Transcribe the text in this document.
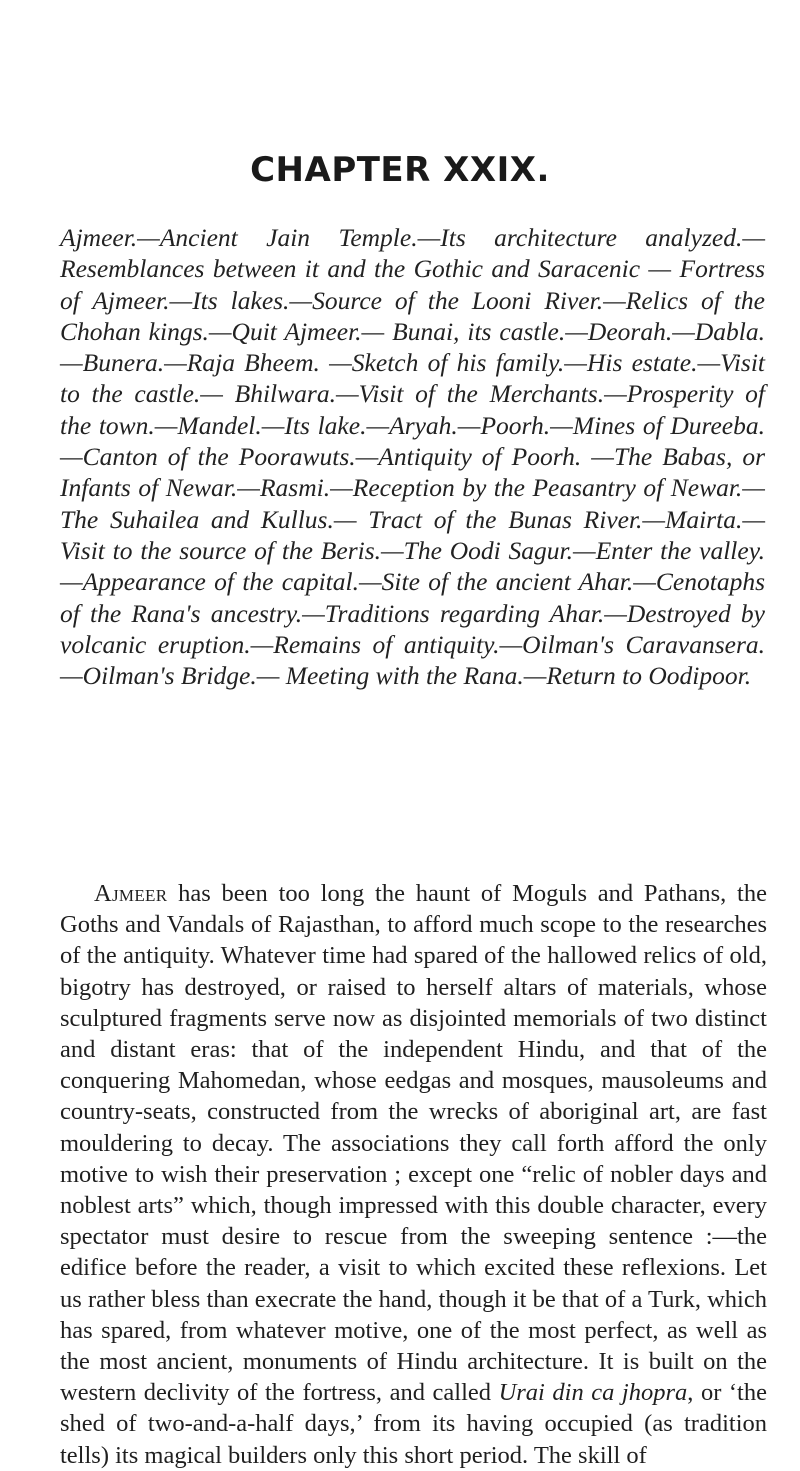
CHAPTER XXIX.
Ajmeer.—Ancient Jain Temple.—Its architecture analyzed.— Resemblances between it and the Gothic and Saracenic — Fortress of Ajmeer.—Its lakes.—Source of the Looni River.—Relics of the Chohan kings.—Quit Ajmeer.— Bunai, its castle.—Deorah.—Dabla.—Bunera.—Raja Bheem. —Sketch of his family.—His estate.—Visit to the castle.— Bhilwara.—Visit of the Merchants.—Prosperity of the town.—Mandel.—Its lake.—Aryah.—Poorh.—Mines of Dureeba.—Canton of the Poorawuts.—Antiquity of Poorh. —The Babas, or Infants of Newar.—Rasmi.—Reception by the Peasantry of Newar.—The Suhailea and Kullus.— Tract of the Bunas River.—Mairta.—Visit to the source of the Beris.—The Oodi Sagur.—Enter the valley.—Appearance of the capital.—Site of the ancient Ahar.—Cenotaphs of the Rana's ancestry.—Traditions regarding Ahar.—Destroyed by volcanic eruption.—Remains of antiquity.—Oilman's Caravansera.—Oilman's Bridge.— Meeting with the Rana.—Return to Oodipoor.

Ajmeer has been too long the haunt of Moguls and Pathans, the Goths and Vandals of Rajasthan, to afford much scope to the researches of the antiquity. Whatever time had spared of the hallowed relics of old, bigotry has destroyed, or raised to herself altars of materials, whose sculptured fragments serve now as disjointed memorials of two distinct and distant eras: that of the independent Hindu, and that of the conquering Mahomedan, whose eedgas and mosques, mausoleums and country-seats, constructed from the wrecks of aboriginal art, are fast mouldering to decay. The associations they call forth afford the only motive to wish their preservation ; except one “relic of nobler days and noblest arts” which, though impressed with this double character, every spectator must desire to rescue from the sweeping sentence :—the edifice before the reader, a visit to which excited these reflexions. Let us rather bless than execrate the hand, though it be that of a Turk, which has spared, from whatever motive, one of the most perfect, as well as the most ancient, monuments of Hindu architecture. It is built on the western declivity of the fortress, and called Urai din ca jhopra, or ‘the shed of two-and-a-half days,’ from its having occupied (as tradition tells) its magical builders only this short period. The skill of
